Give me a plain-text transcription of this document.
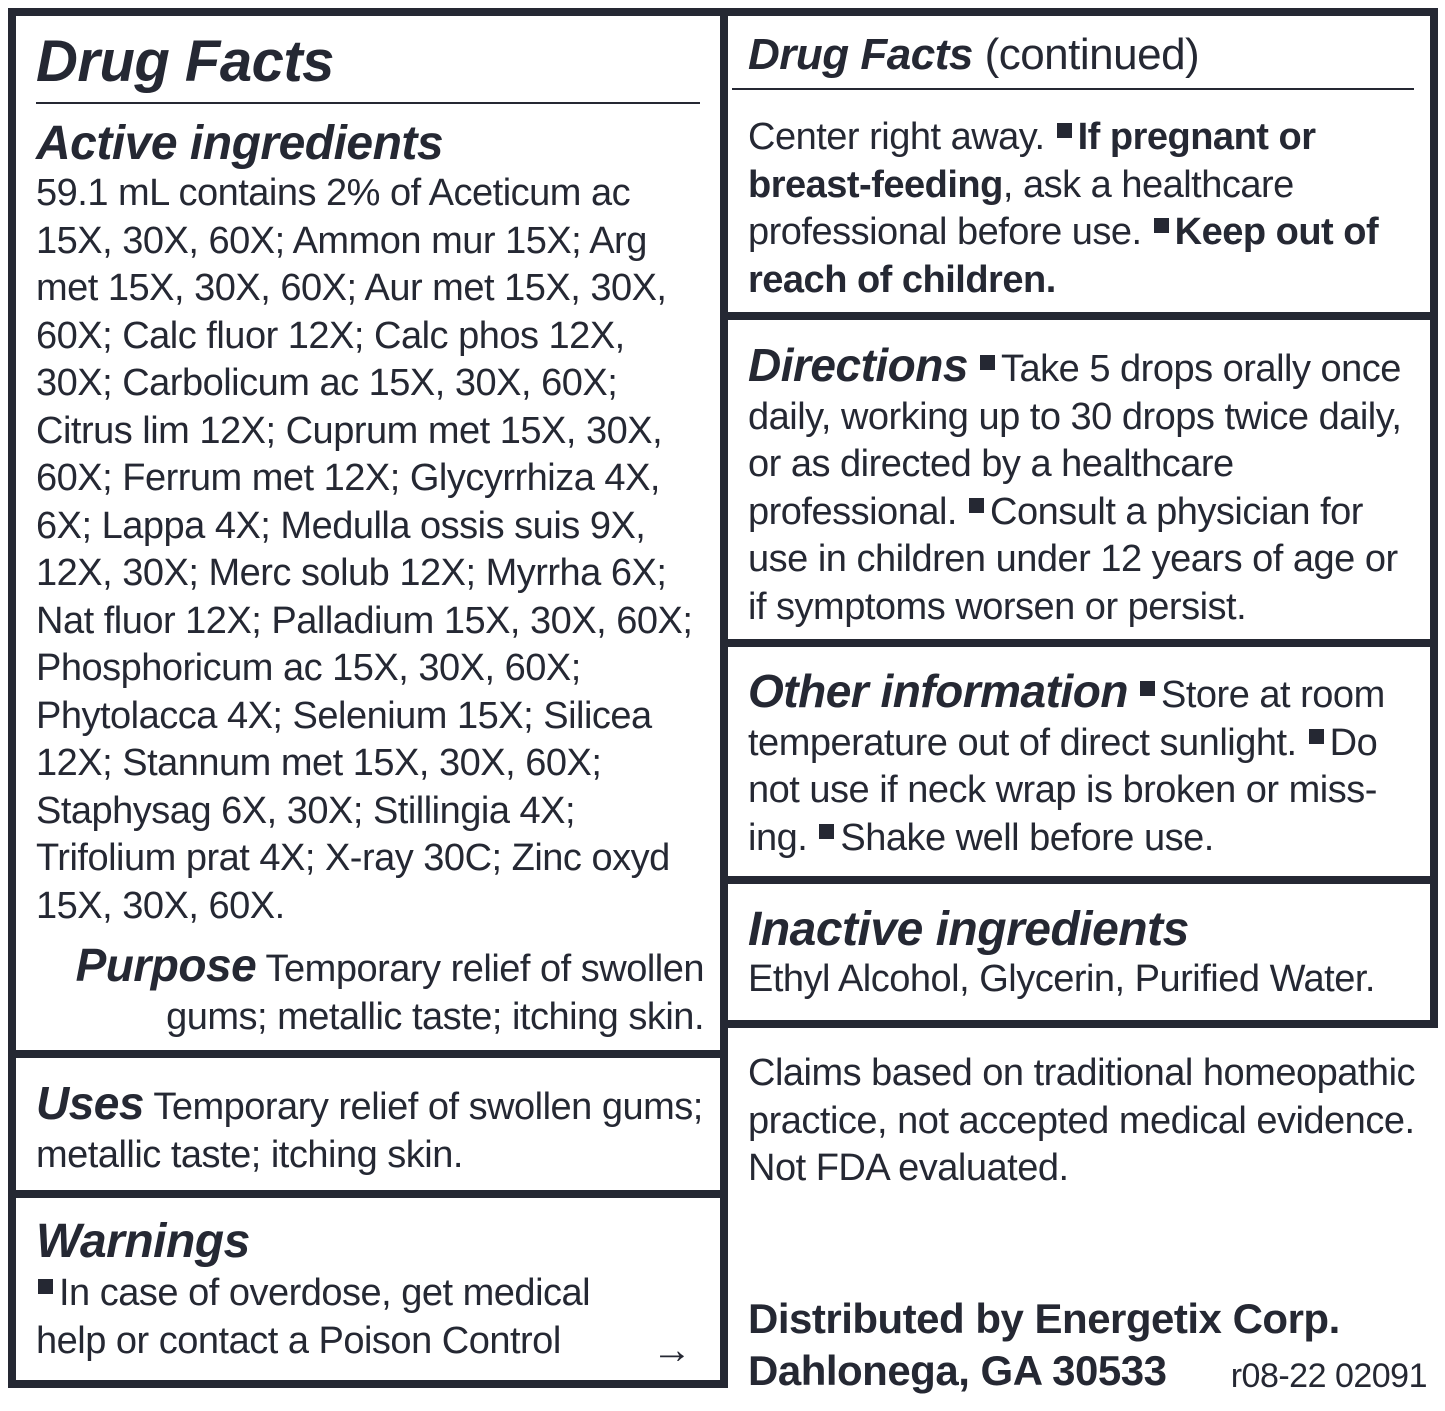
Drug Facts
Active ingredients

59.1 mL contains 2% of Aceticum ac 15X, 30X, 60X; Ammon mur 15X; Arg met 15X, 30X, 60X; Aur met 15X, 30X, 60X; Calc fluor 12X; Calc phos 12X, 30X; Carbolicum ac 15X, 30X, 60X; Citrus lim 12X; Cuprum met 15X, 30X, 60X; Ferrum met 12X; Glycyrrhiza 4X, 6X; Lappa 4X; Medulla ossis suis 9X, 12X, 30X; Merc solub 12X; Myrrha 6X; Nat fluor 12X; Palladium 15X, 30X, 60X; Phosphoricum ac 15X, 30X, 60X; Phytolacca 4X; Selenium 15X; Silicea 12X; Stannum met 15X, 30X, 60X; Staphysag 6X, 30X; Stillingia 4X; Trifolium prat 4X; X-ray 30C; Zinc oxyd 15X, 30X, 60X.

Purpose Temporary relief of swollen gums; metallic taste; itching skin.

Uses Temporary relief of swollen gums; metallic taste; itching skin.

Warnings

In case of overdose, get medical help or contact a Poison Control	→
Drug Facts (continued)

Center right away. If pregnant or breast-feeding, ask a healthcare professional before use. Keep out of reach of children.

Directions Take 5 drops orally once daily, working up to 30 drops twice daily, or as directed by a healthcare professional. Consult a physician for use in children under 12 years of age or if symptoms worsen or persist.

Other information Store at room temperature out of direct sunlight. Do not use if neck wrap is broken or miss-ing. Shake well before use.

Inactive ingredients

Ethyl Alcohol, Glycerin, Purified Water.

Claims based on traditional homeopathic practice, not accepted medical evidence. Not FDA evaluated.

Distributed by Energetix Corp.
Dahlonega, GA 30533 r08-22 02091
